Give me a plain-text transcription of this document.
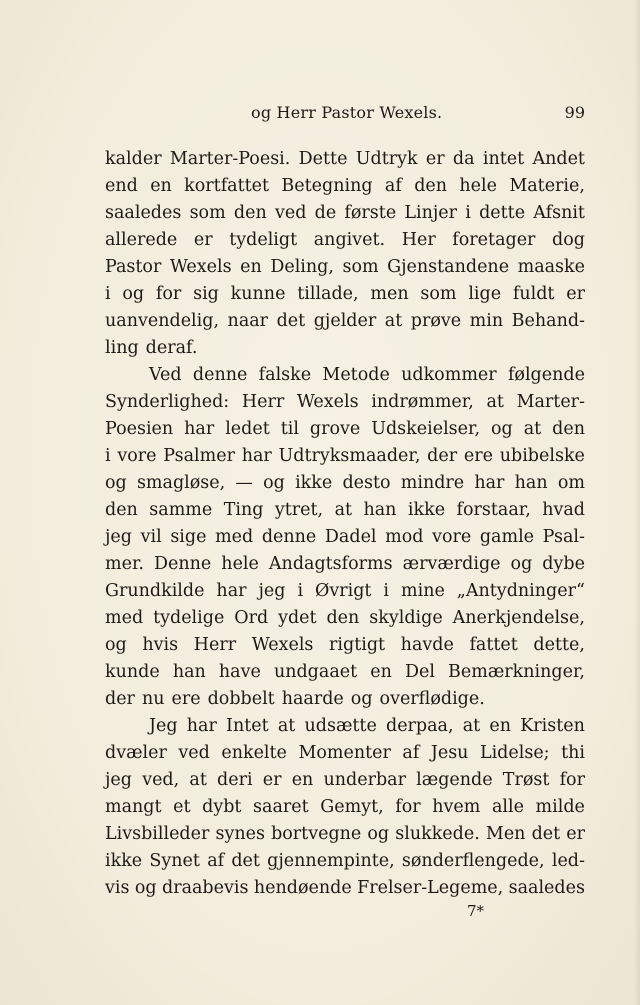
og Herr Pastor Wexels.	99
kalder Marter-Poesi. Dette Udtryk er da intet Andet
end en kortfattet Betegning af den hele Materie,
saaledes som den ved de første Linjer i dette Afsnit
allerede er tydeligt angivet. Her foretager dog
Pastor Wexels en Deling, som Gjenstandene maaske
i og for sig kunne tillade, men som lige fuldt er
uanvendelig, naar det gjelder at prøve min Behand-
ling deraf.
Ved denne falske Metode udkommer følgende
Synderlighed: Herr Wexels indrømmer, at Marter-
Poesien har ledet til grove Udskeielser, og at den
i vore Psalmer har Udtryksmaader, der ere ubibelske
og smagløse, — og ikke desto mindre har han om
den samme Ting ytret, at han ikke forstaar, hvad
jeg vil sige med denne Dadel mod vore gamle Psal-
mer. Denne hele Andagtsforms ærværdige og dybe
Grundkilde har jeg i Øvrigt i mine „Antydninger“
med tydelige Ord ydet den skyldige Anerkjendelse,
og hvis Herr Wexels rigtigt havde fattet dette,
kunde han have undgaaet en Del Bemærkninger,
der nu ere dobbelt haarde og overflødige.
Jeg har Intet at udsætte derpaa, at en Kristen
dvæler ved enkelte Momenter af Jesu Lidelse; thi
jeg ved, at deri er en underbar lægende Trøst for
mangt et dybt saaret Gemyt, for hvem alle milde
Livsbilleder synes bortvegne og slukkede. Men det er
ikke Synet af det gjennempinte, sønderflengede, led-
vis og draabevis hendøende Frelser-Legeme, saaledes
7*
